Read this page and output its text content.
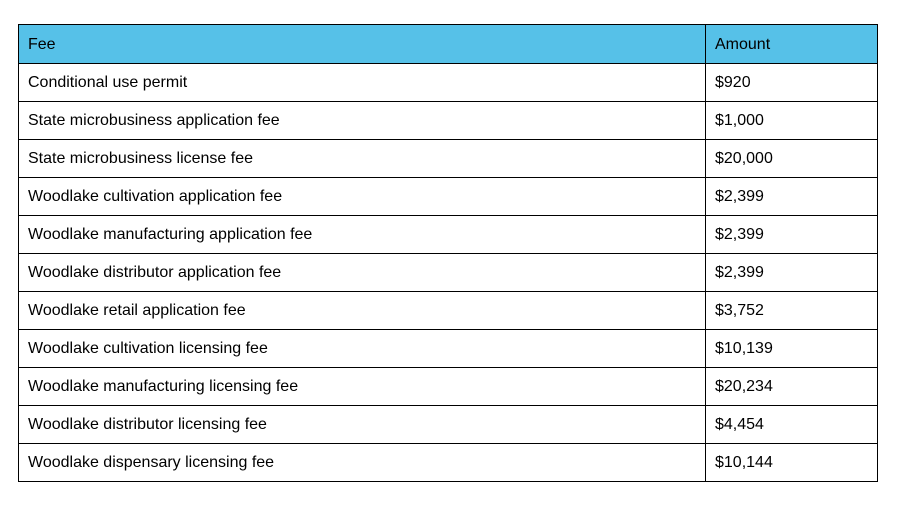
Fee	Amount
Conditional use permit	$920
State microbusiness application fee	$1,000
State microbusiness license fee	$20,000
Woodlake cultivation application fee	$2,399
Woodlake manufacturing application fee	$2,399
Woodlake distributor application fee	$2,399
Woodlake retail application fee	$3,752
Woodlake cultivation licensing fee	$10,139
Woodlake manufacturing licensing fee	$20,234
Woodlake distributor licensing fee	$4,454
Woodlake dispensary licensing fee	$10,144
